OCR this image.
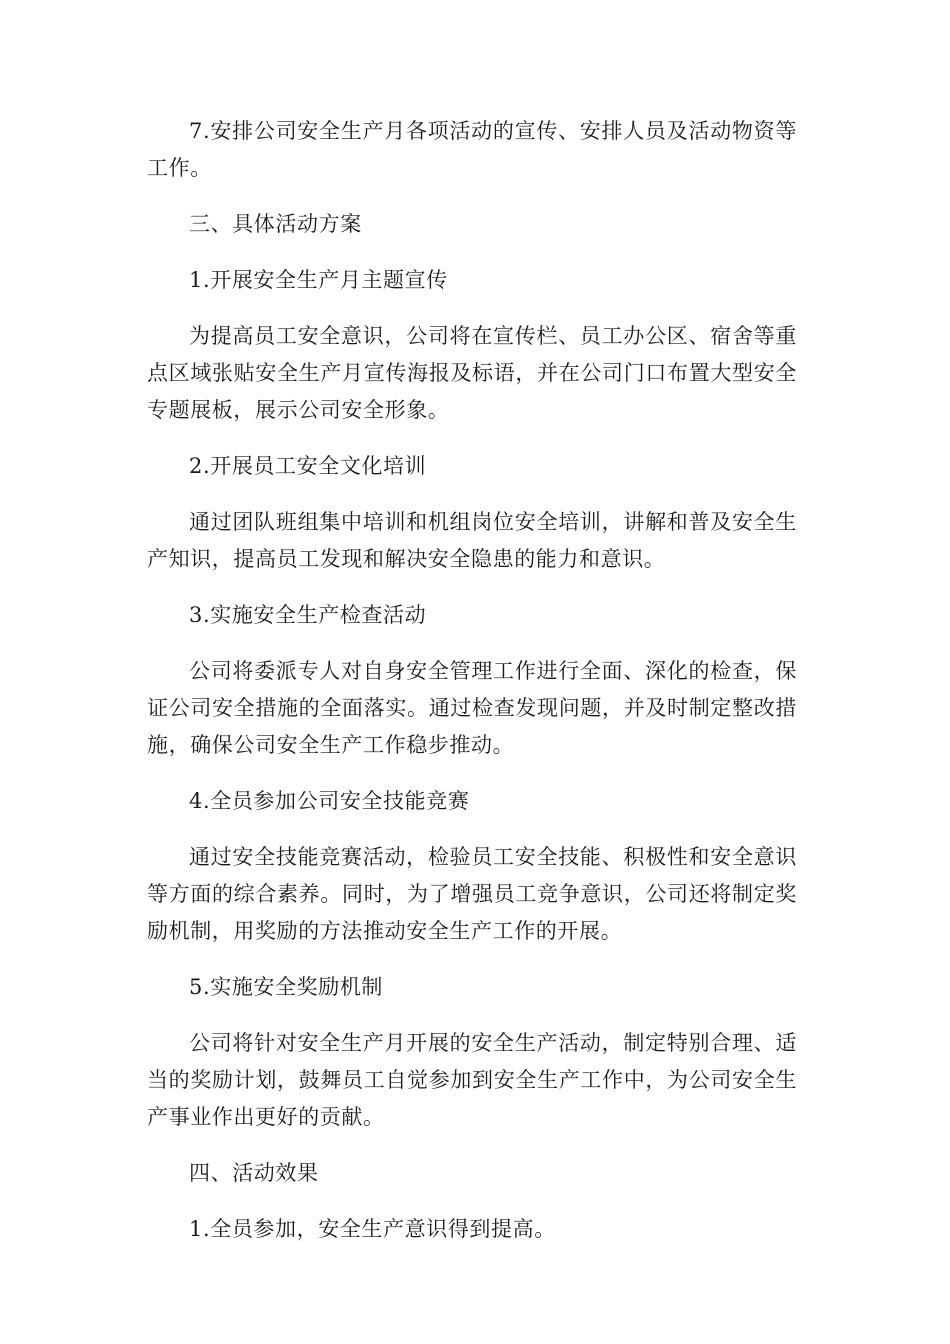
7.安排公司安全生产月各项活动的宣传、安排人员及活动物资等工作。

三、具体活动方案

1.开展安全生产月主题宣传

为提高员工安全意识，公司将在宣传栏、员工办公区、宿舍等重点区域张贴安全生产月宣传海报及标语，并在公司门口布置大型安全专题展板，展示公司安全形象。

2.开展员工安全文化培训

通过团队班组集中培训和机组岗位安全培训，讲解和普及安全生产知识，提高员工发现和解决安全隐患的能力和意识。

3.实施安全生产检查活动

公司将委派专人对自身安全管理工作进行全面、深化的检查，保证公司安全措施的全面落实。通过检查发现问题，并及时制定整改措施，确保公司安全生产工作稳步推动。

4.全员参加公司安全技能竞赛

通过安全技能竞赛活动，检验员工安全技能、积极性和安全意识等方面的综合素养。同时，为了增强员工竞争意识，公司还将制定奖励机制，用奖励的方法推动安全生产工作的开展。

5.实施安全奖励机制

公司将针对安全生产月开展的安全生产活动，制定特别合理、适当的奖励计划，鼓舞员工自觉参加到安全生产工作中，为公司安全生产事业作出更好的贡献。

四、活动效果

1.全员参加，安全生产意识得到提高。
